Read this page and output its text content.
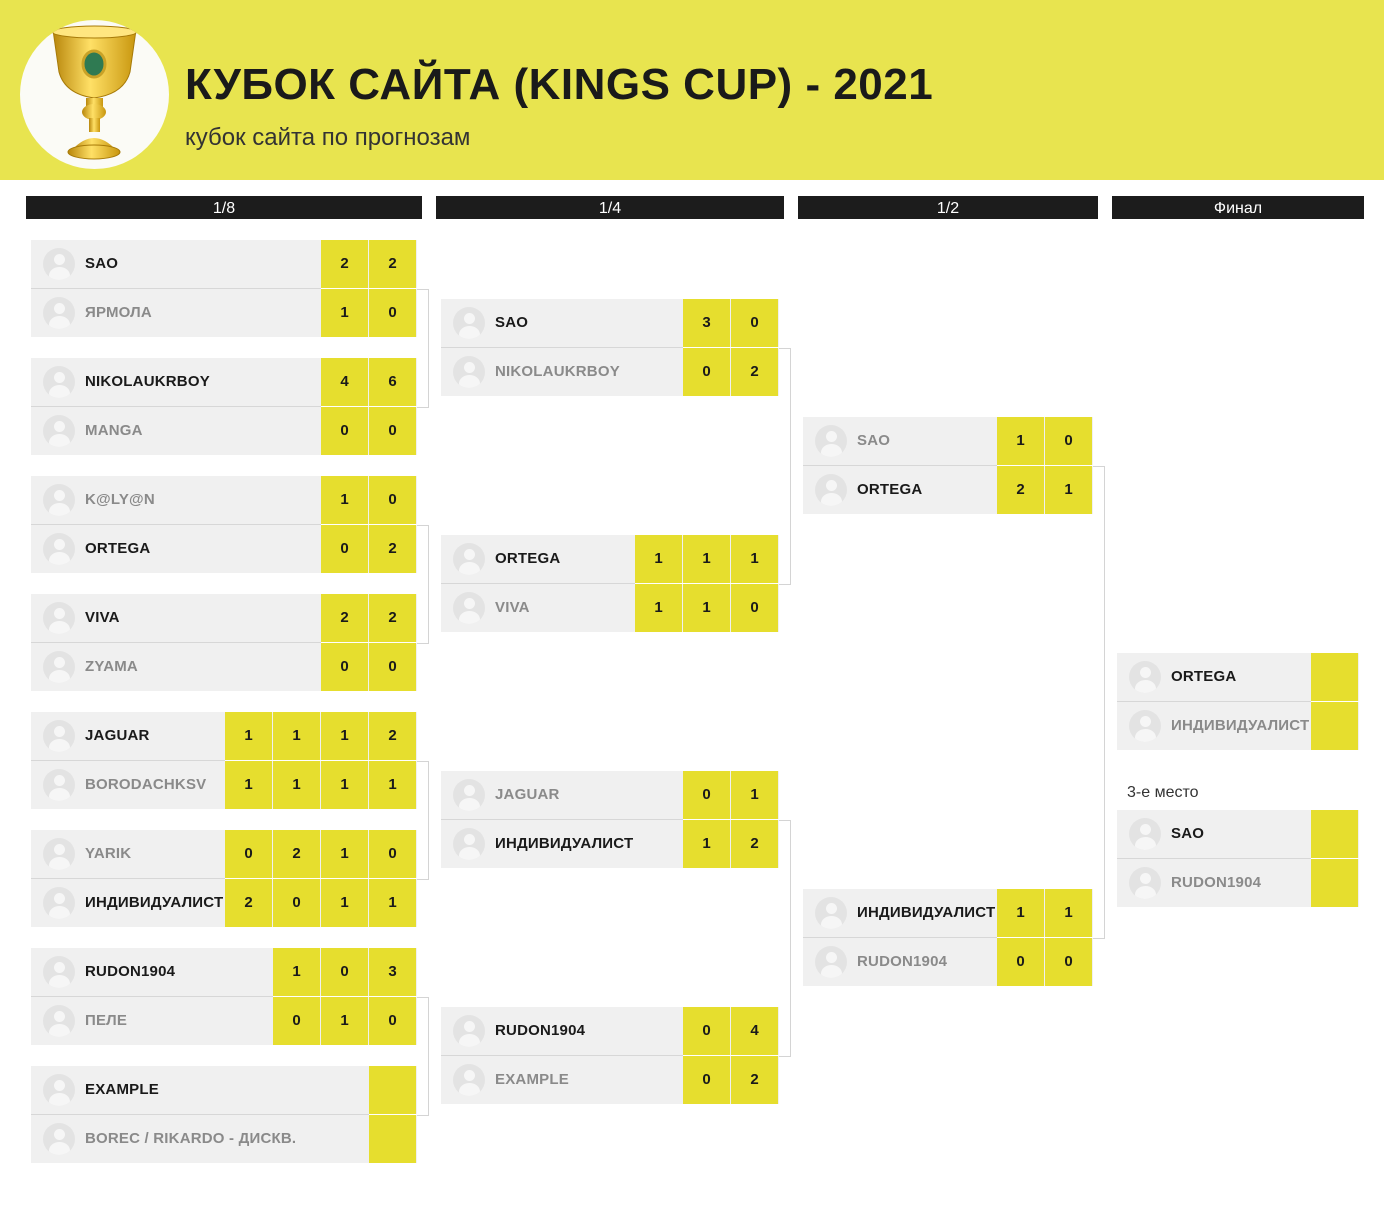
КУБОК САЙТА (KINGS CUP) - 2021
кубок сайта по прогнозам
1/8	1/4	1/2	Финал
3-е место
SAO	2	2
ЯРМОЛА	1	0
NIKOLAUKRBOY	4	6
MANGA	0	0
K@LY@N	1	0
ORTEGA	0	2
VIVA	2	2
ZYAMA	0	0
JAGUAR	1	1	1	2
BORODACHKSV	1	1	1	1
YARIK	0	2	1	0
ИНДИВИДУАЛИСТ	2	0	1	1
RUDON1904	1	0	3
ПЕЛЕ	0	1	0
EXAMPLE
BOREC / RIKARDO - ДИСКВ.
SAO	3	0
NIKOLAUKRBOY	0	2
ORTEGA	1	1	1
VIVA	1	1	0
JAGUAR	0	1
ИНДИВИДУАЛИСТ	1	2
RUDON1904	0	4
EXAMPLE	0	2
SAO	1	0
ORTEGA	2	1
ИНДИВИДУАЛИСТ	1	1
RUDON1904	0	0
ORTEGA
ИНДИВИДУАЛИСТ
SAO
RUDON1904
